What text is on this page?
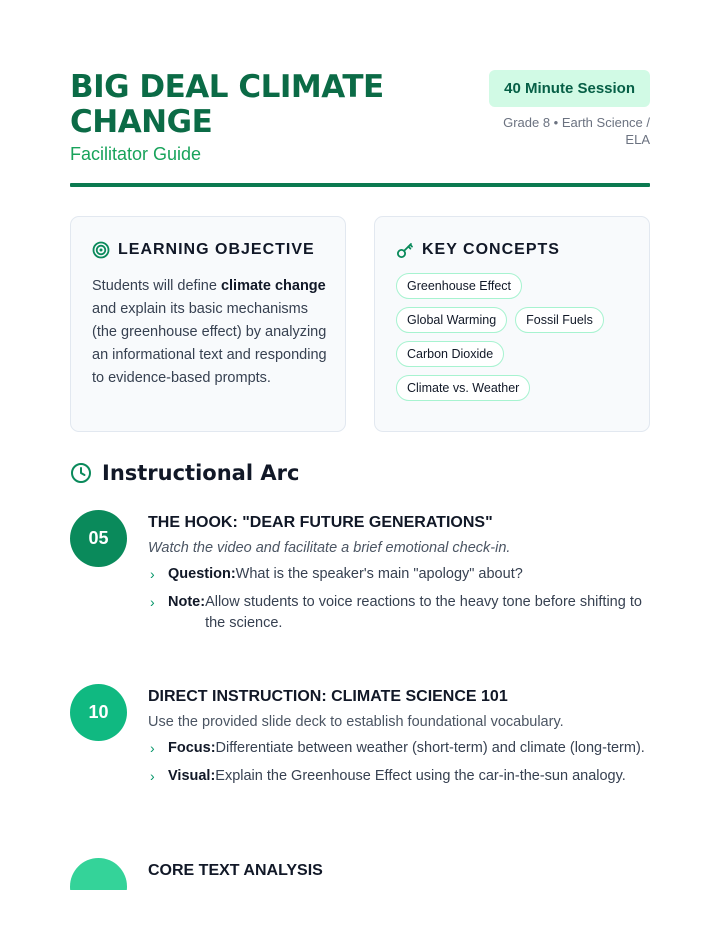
BIG DEAL CLIMATE CHANGE
Facilitator Guide
40 Minute Session
Grade 8 • Earth Science / ELA
LEARNING OBJECTIVE
Students will define climate change and explain its basic mechanisms (the greenhouse effect) by analyzing an informational text and responding to evidence-based prompts.
KEY CONCEPTS
Greenhouse Effect
Global Warming	Fossil Fuels
Carbon Dioxide
Climate vs. Weather
Instructional Arc
05
THE HOOK: "DEAR FUTURE GENERATIONS"
Watch the video and facilitate a brief emotional check-in.
› Question: What is the speaker's main "apology" about?
› Note: Allow students to voice reactions to the heavy tone before shifting to the science.
10
DIRECT INSTRUCTION: CLIMATE SCIENCE 101
Use the provided slide deck to establish foundational vocabulary.
› Focus: Differentiate between weather (short-term) and climate (long-term).
› Visual: Explain the Greenhouse Effect using the car-in-the-sun analogy.
CORE TEXT ANALYSIS
